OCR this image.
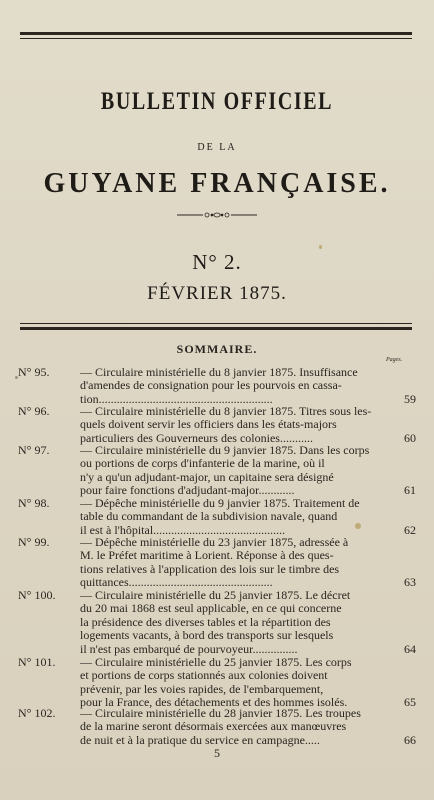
BULLETIN OFFICIEL
DE LA
GUYANE FRANÇAISE.
N° 2.
FÉVRIER 1875.
SOMMAIRE.
Pages.
N° 95.	— Circulaire ministérielle du 8 janvier 1875. Insuffisance
d'amendes de consignation pour les pourvois en cassa-
tion..........................................................	59
N° 96.	— Circulaire ministérielle du 8 janvier 1875. Titres sous les-
quels doivent servir les officiers dans les états-majors
particuliers des Gouverneurs des colonies...........	60
N° 97.	— Circulaire ministérielle du 9 janvier 1875. Dans les corps
ou portions de corps d'infanterie de la marine, où il
n'y a qu'un adjudant-major, un capitaine sera désigné
pour faire fonctions d'adjudant-major............	61
N° 98.	— Dépêche ministérielle du 9 janvier 1875. Traitement de
table du commandant de la subdivision navale, quand
il est à l'hôpital............................................	62
N° 99.	— Dépêche ministérielle du 23 janvier 1875, adressée à
M. le Préfet maritime à Lorient. Réponse à des ques-
tions relatives à l'application des lois sur le timbre des
quittances................................................	63
N° 100. — Circulaire ministérielle du 25 janvier 1875. Le décret
du 20 mai 1868 est seul applicable, en ce qui concerne
la présidence des diverses tables et la répartition des
logements vacants, à bord des transports sur lesquels
il n'est pas embarqué de pourvoyeur...............	64
N° 101. — Circulaire ministérielle du 25 janvier 1875. Les corps
et portions de corps stationnés aux colonies doivent
prévenir, par les voies rapides, de l'embarquement,
pour la France, des détachements et des hommes isolés.	65
N° 102. — Circulaire ministérielle du 28 janvier 1875. Les troupes
de la marine seront désormais exercées aux manœuvres
de nuit et à la pratique du service en campagne.....	66
5
